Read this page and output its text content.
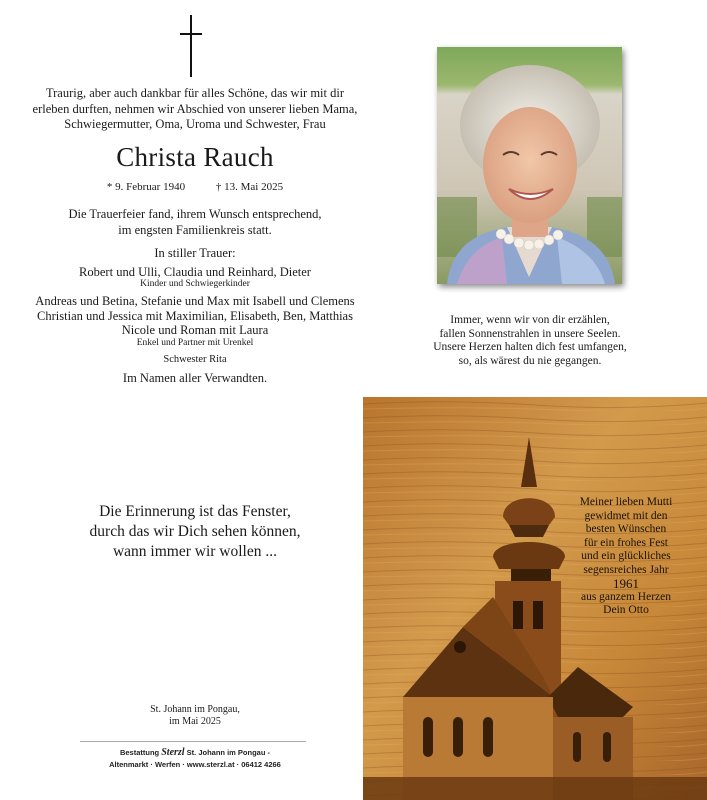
Traurig, aber auch dankbar für alles Schöne, das wir mit dir
erleben durften, nehmen wir Abschied von unserer lieben Mama,
Schwiegermutter, Oma, Uroma und Schwester, Frau
Christa Rauch
* 9. Februar 1940	† 13. Mai 2025
Die Trauerfeier fand, ihrem Wunsch entsprechend,
im engsten Familienkreis statt.
In stiller Trauer:
Robert und Ulli, Claudia und Reinhard, Dieter
Kinder und Schwiegerkinder
Andreas und Betina, Stefanie und Max mit Isabell und Clemens
Christian und Jessica mit Maximilian, Elisabeth, Ben, Matthias
Nicole und Roman mit Laura
Enkel und Partner mit Urenkel
Schwester Rita
Im Namen aller Verwandten.
Immer, wenn wir von dir erzählen,
fallen Sonnenstrahlen in unsere Seelen.
Unsere Herzen halten dich fest umfangen,
so, als wärest du nie gegangen.
Die Erinnerung ist das Fenster,
durch das wir Dich sehen können,
wann immer wir wollen ...
St. Johann im Pongau,
im Mai 2025
Bestattung Sterzl St. Johann im Pongau -
Altenmarkt · Werfen · www.sterzl.at · 06412 4266
Meiner lieben Mutti
gewidmet mit den
besten Wünschen
für ein frohes Fest
und ein glückliches
segensreiches Jahr
1961
aus ganzem Herzen
Dein Otto
